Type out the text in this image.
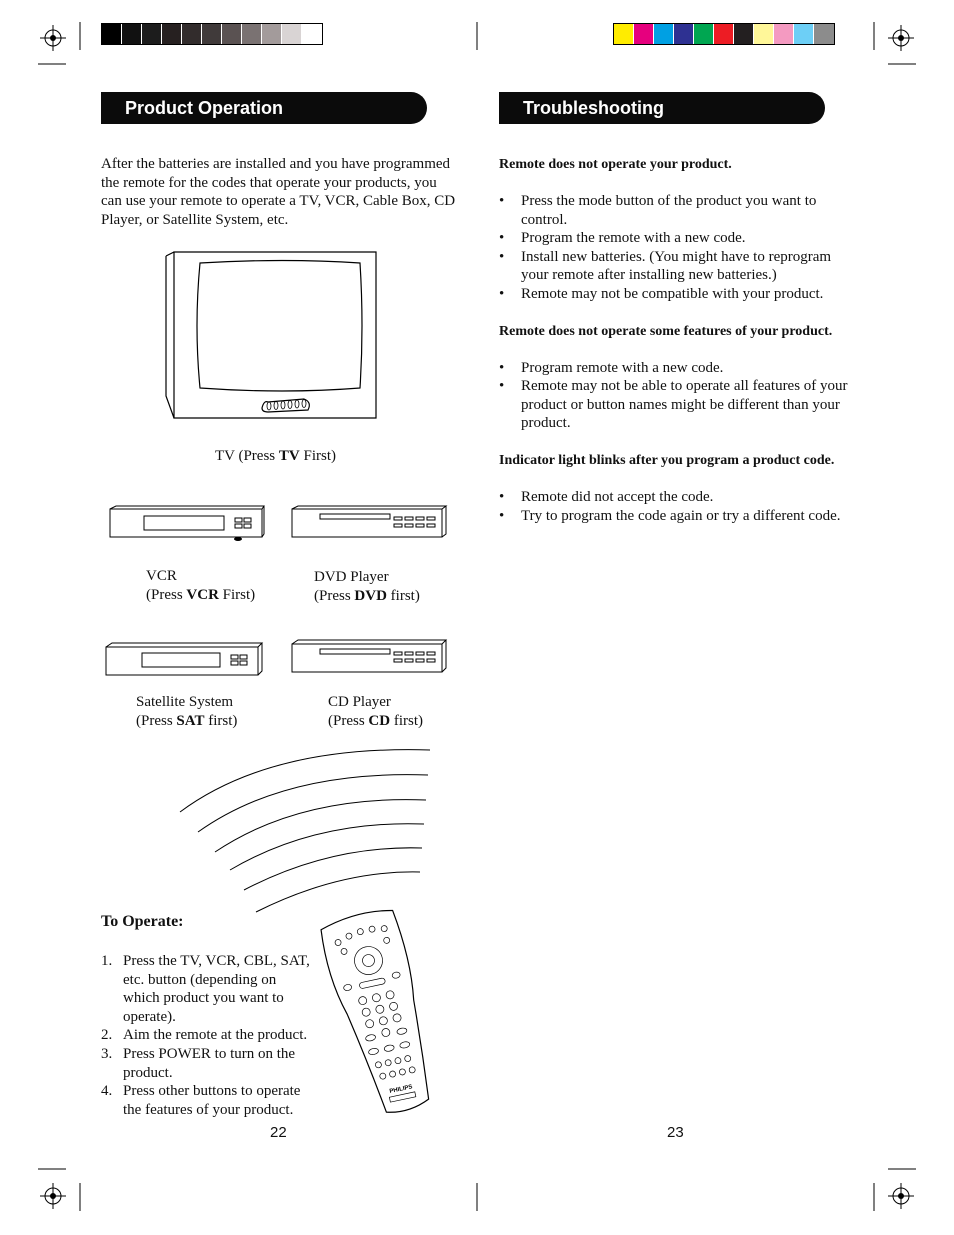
Product Operation
After the batteries are installed and you have programmed the remote for the codes that operate your products, you can use your remote to operate a TV, VCR, Cable Box, CD Player, or Satellite System, etc.
TV (Press TV First)
VCR
(Press VCR First)
DVD Player
(Press DVD first)
Satellite System
(Press SAT first)
CD Player
(Press CD first)
To Operate:
1. Press the TV, VCR, CBL, SAT, etc. button (depending on which product you want to operate).
2. Aim the remote at the product.
3. Press POWER to turn on the product.
4. Press other buttons to operate the features of your product.
PHILIPS
22
Troubleshooting
Remote does not operate your product.
• Press the mode button of the product you want to control.
• Program the remote with a new code.
• Install new batteries. (You might have to reprogram your remote after installing new batteries.)
• Remote may not be compatible with your product.
Remote does not operate some features of your product.
• Program remote with a new code.
• Remote may not be able to operate all features of your product or button names might be different than your product.
Indicator light blinks after you program a product code.
• Remote did not accept the code.
• Try to program the code again or try a different code.
23
